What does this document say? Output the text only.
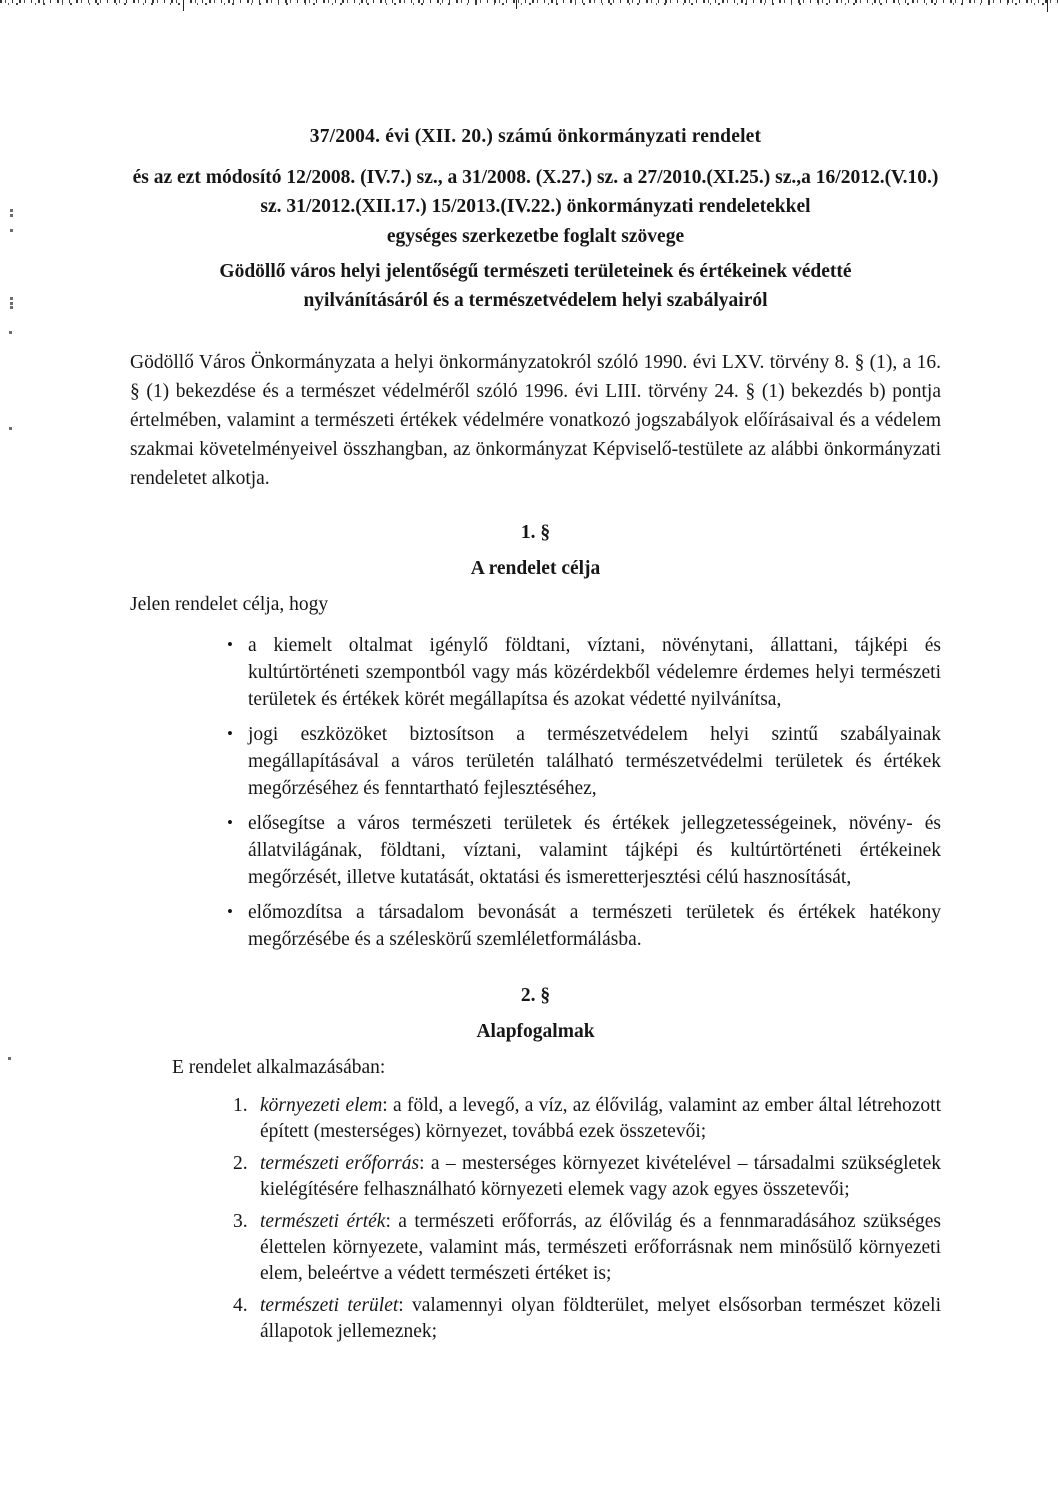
37/2004. évi (XII. 20.) számú önkormányzati rendelet

és az ezt módosító 12/2008. (IV.7.) sz., a 31/2008. (X.27.) sz. a 27/2010.(XI.25.) sz.,a 16/2012.(V.10.) sz. 31/2012.(XII.17.) 15/2013.(IV.22.) önkormányzati rendeletekkel

egységes szerkezetbe foglalt szövege

Gödöllő város helyi jelentőségű természeti területeinek és értékeinek védetté nyilvánításáról és a természetvédelem helyi szabályairól

Gödöllő Város Önkormányzata a helyi önkormányzatokról szóló 1990. évi LXV. törvény 8. § (1), a 16. § (1) bekezdése és a természet védelméről szóló 1996. évi LIII. törvény 24. § (1) bekezdés b) pontja értelmében, valamint a természeti értékek védelmére vonatkozó jogszabályok előírásaival és a védelem szakmai követelményeivel összhangban, az önkormányzat Képviselő-testülete az alábbi önkormányzati rendeletet alkotja.

1. §
A rendelet célja

Jelen rendelet célja, hogy

• a kiemelt oltalmat igénylő földtani, víztani, növénytani, állattani, tájképi és kultúrtörténeti szempontból vagy más közérdekből védelemre érdemes helyi természeti területek és értékek körét megállapítsa és azokat védetté nyilvánítsa,
• jogi eszközöket biztosítson a természetvédelem helyi szintű szabályainak megállapításával a város területén található természetvédelmi területek és értékek megőrzéséhez és fenntartható fejlesztéséhez,
• elősegítse a város természeti területek és értékek jellegzetességeinek, növény- és állatvilágának, földtani, víztani, valamint tájképi és kultúrtörténeti értékeinek megőrzését, illetve kutatását, oktatási és ismeretterjesztési célú hasznosítását,
• előmozdítsa a társadalom bevonását a természeti területek és értékek hatékony megőrzésébe és a széleskörű szemléletformálásba.
2. §
Alapfogalmak

E rendelet alkalmazásában:

1. környezeti elem: a föld, a levegő, a víz, az élővilág, valamint az ember által létrehozott épített (mesterséges) környezet, továbbá ezek összetevői;
2. természeti erőforrás: a – mesterséges környezet kivételével – társadalmi szükségletek kielégítésére felhasználható környezeti elemek vagy azok egyes összetevői;
3. természeti érték: a természeti erőforrás, az élővilág és a fennmaradásához szükséges élettelen környezete, valamint más, természeti erőforrásnak nem minősülő környezeti elem, beleértve a védett természeti értéket is;
4. természeti terület: valamennyi olyan földterület, melyet elsősorban természet közeli állapotok jellemeznek;
